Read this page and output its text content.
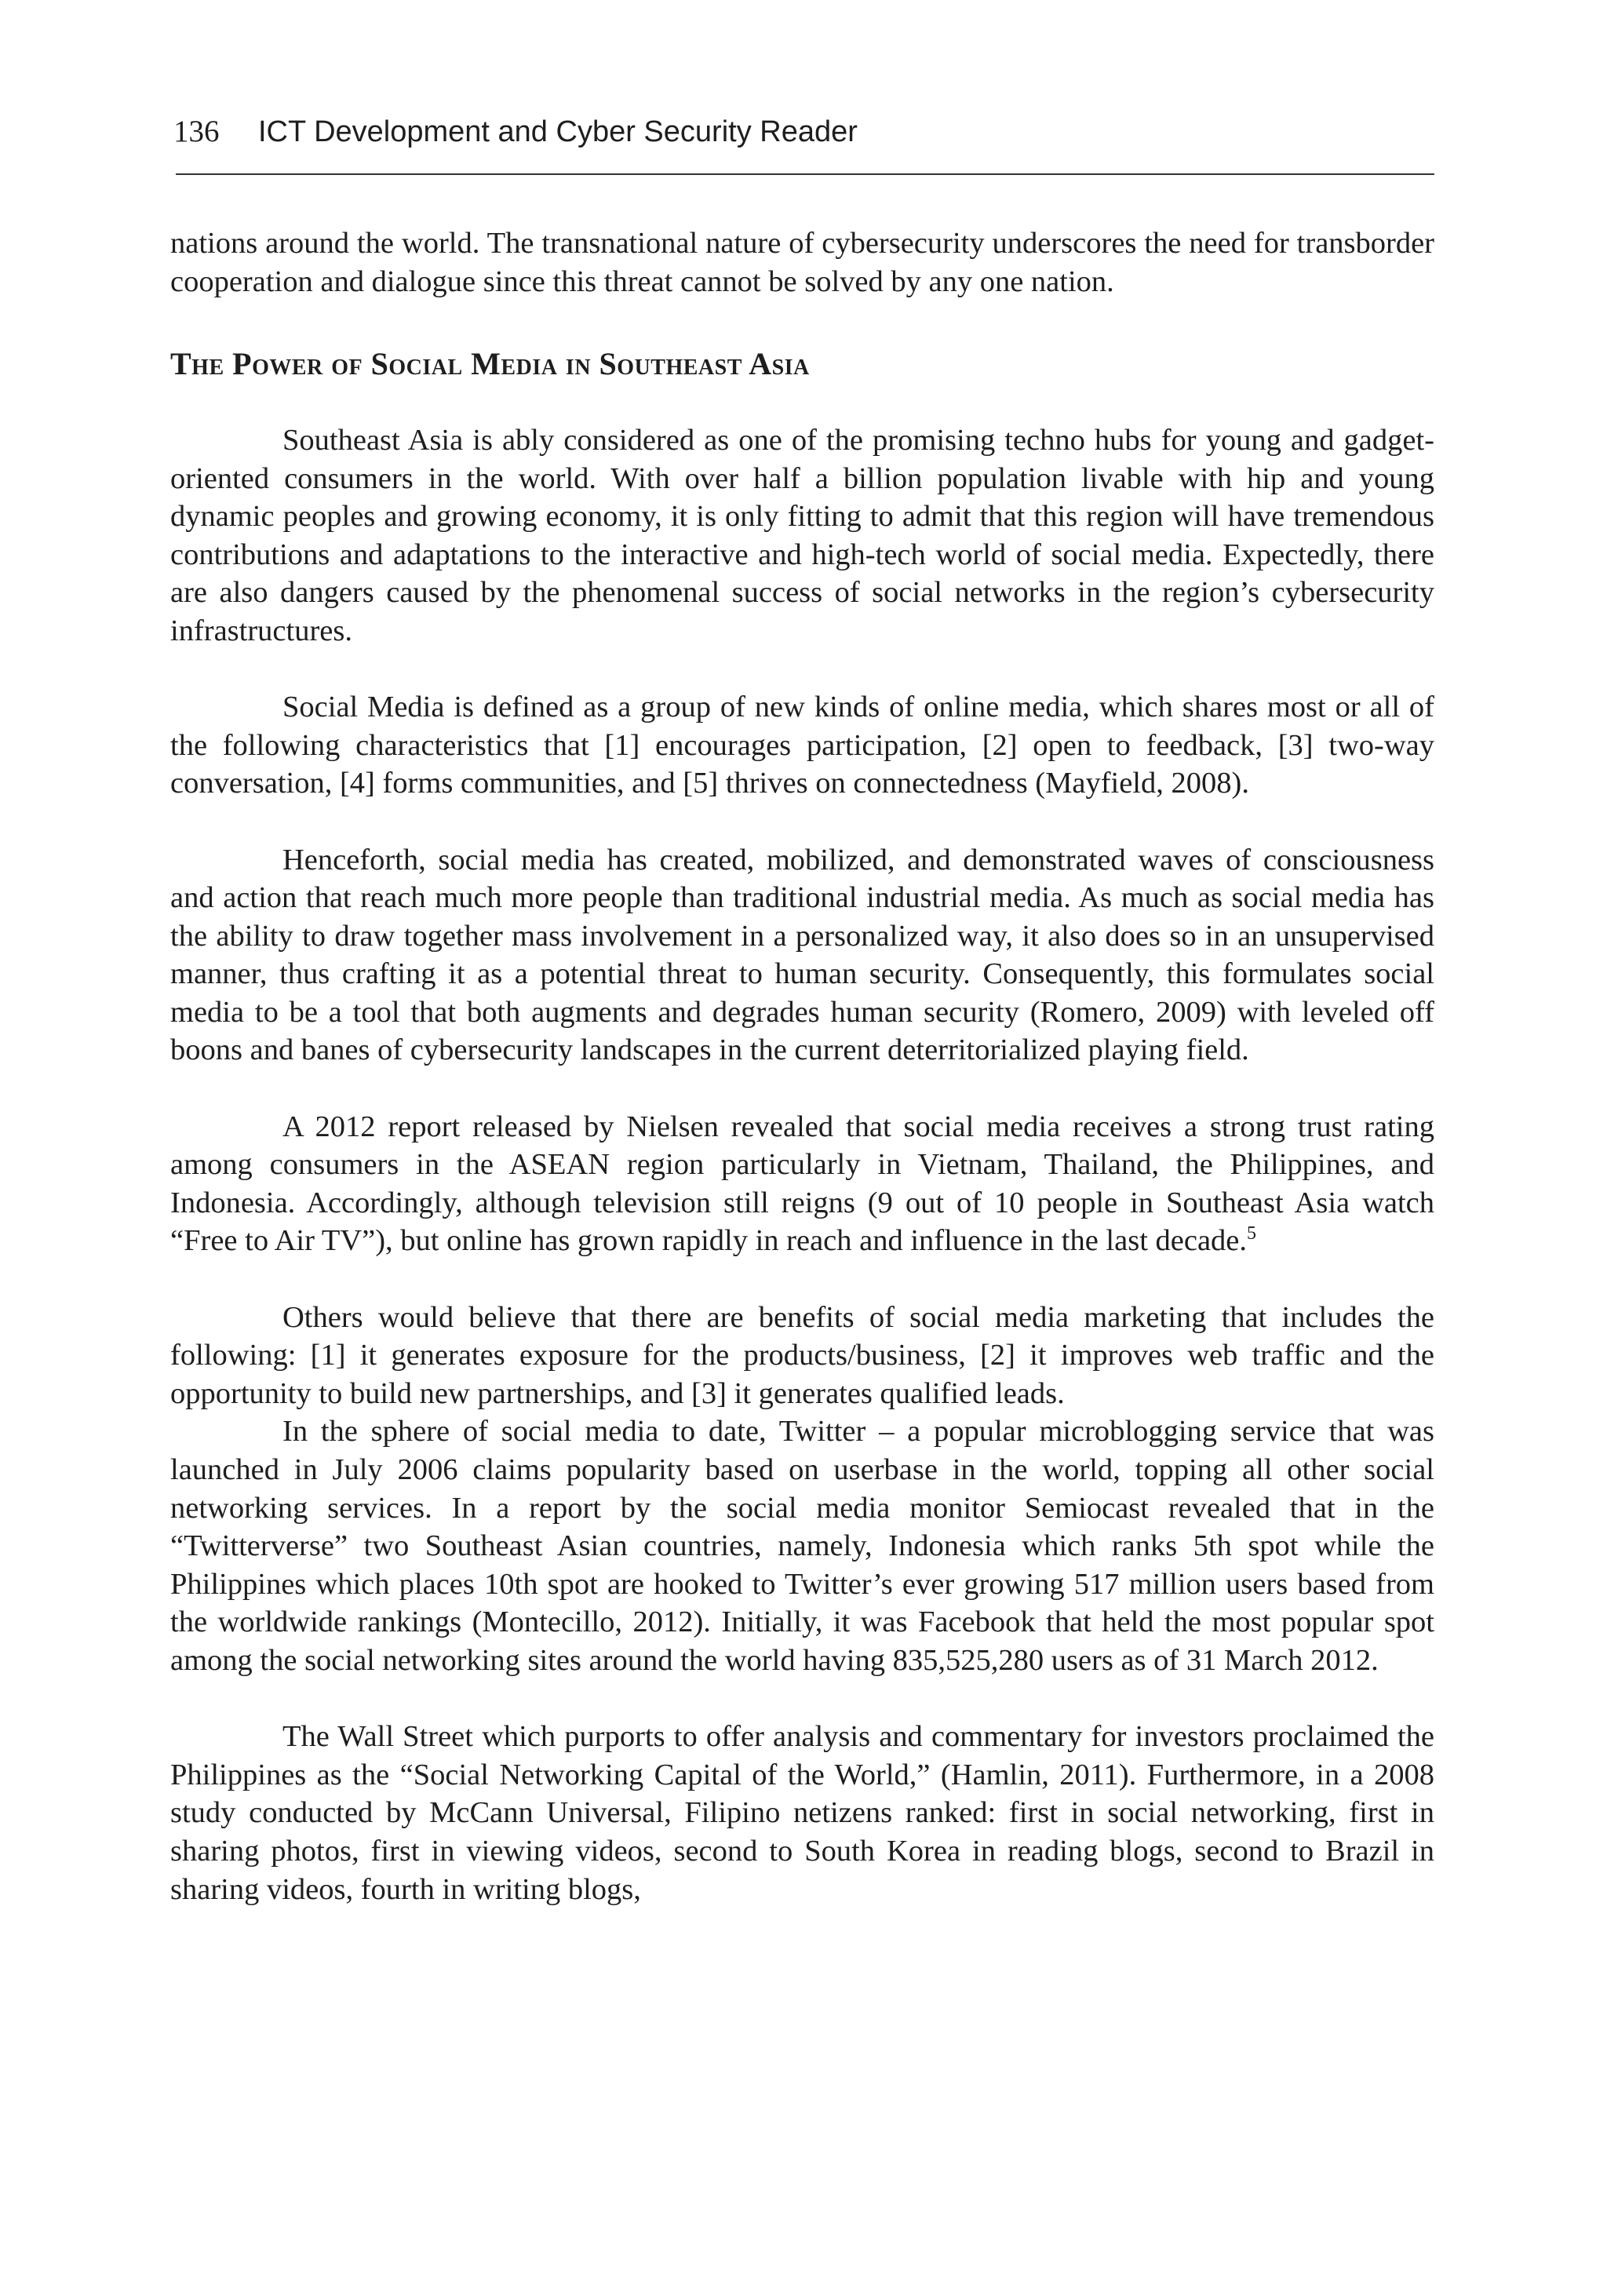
136 ICT Development and Cyber Security Reader

nations around the world. The transnational nature of cybersecurity underscores the need for transborder cooperation and dialogue since this threat cannot be solved by any one nation.

The Power of Social Media in Southeast Asia

Southeast Asia is ably considered as one of the promising techno hubs for young and gadget-oriented consumers in the world. With over half a billion population livable with hip and young dynamic peoples and growing economy, it is only fitting to admit that this region will have tremendous contributions and adaptations to the interactive and high-tech world of social media. Expectedly, there are also dangers caused by the phenomenal success of social networks in the region’s cybersecurity infrastructures.

Social Media is defined as a group of new kinds of online media, which shares most or all of the following characteristics that [1] encourages participation, [2] open to feedback, [3] two-way conversation, [4] forms communities, and [5] thrives on connectedness (Mayfield, 2008).

Henceforth, social media has created, mobilized, and demonstrated waves of consciousness and action that reach much more people than traditional industrial media. As much as social media has the ability to draw together mass involvement in a personalized way, it also does so in an unsupervised manner, thus crafting it as a potential threat to human security. Consequently, this formulates social media to be a tool that both augments and degrades human security (Romero, 2009) with leveled off boons and banes of cybersecurity landscapes in the current deterritorialized playing field.

A 2012 report released by Nielsen revealed that social media receives a strong trust rating among consumers in the ASEAN region particularly in Vietnam, Thailand, the Philippines, and Indonesia. Accordingly, although television still reigns (9 out of 10 people in Southeast Asia watch “Free to Air TV”), but online has grown rapidly in reach and influence in the last decade.$^5$

Others would believe that there are benefits of social media marketing that includes the following: [1] it generates exposure for the products/business, [2] it improves web traffic and the opportunity to build new partnerships, and [3] it generates qualified leads.

In the sphere of social media to date, Twitter – a popular microblogging service that was launched in July 2006 claims popularity based on userbase in the world, topping all other social networking services. In a report by the social media monitor Semiocast revealed that in the “Twitterverse” two Southeast Asian countries, namely, Indonesia which ranks 5th spot while the Philippines which places 10th spot are hooked to Twitter’s ever growing 517 million users based from the worldwide rankings (Montecillo, 2012). Initially, it was Facebook that held the most popular spot among the social networking sites around the world having 835,525,280 users as of 31 March 2012.

The Wall Street which purports to offer analysis and commentary for investors proclaimed the Philippines as the “Social Networking Capital of the World,” (Hamlin, 2011). Furthermore, in a 2008 study conducted by McCann Universal, Filipino netizens ranked: first in social networking, first in sharing photos, first in viewing videos, second to South Korea in reading blogs, second to Brazil in sharing videos, fourth in writing blogs,
